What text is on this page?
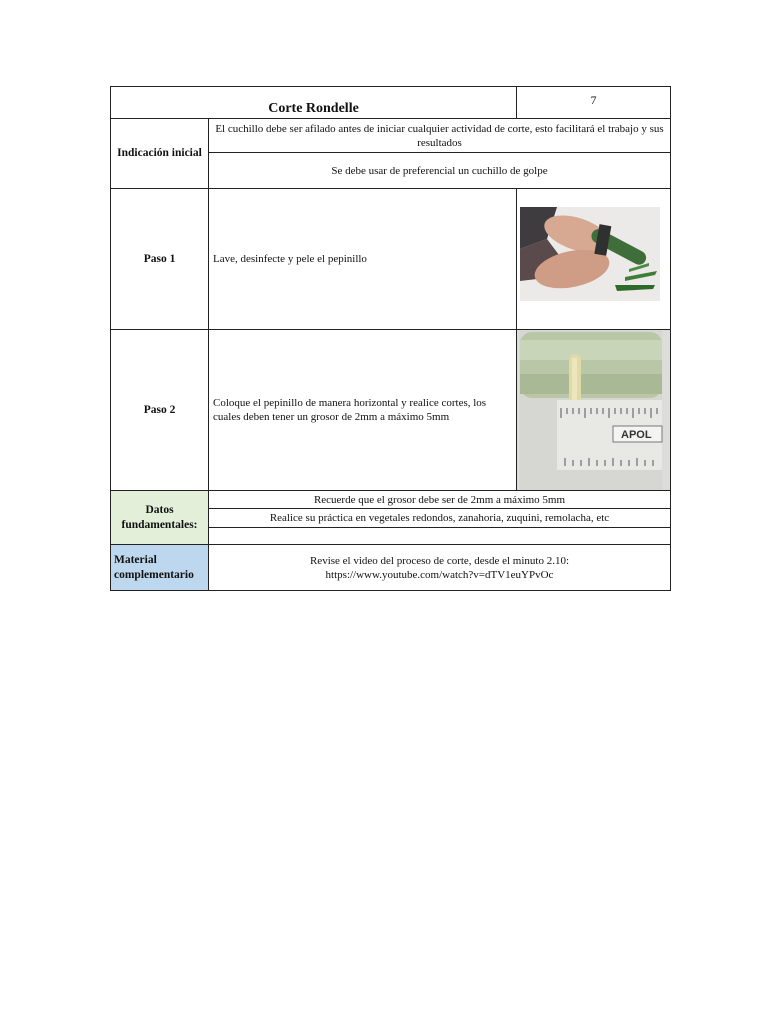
Corte Rondelle		7
Indicación inicial	El cuchillo debe ser afilado antes de iniciar cualquier actividad de corte, esto facilitará el trabajo y sus resultados	
	Se debe usar de preferencial un cuchillo de golpe	
Paso 1	Lave, desinfecte y pele el pepinillo	

Paso 2	Coloque el pepinillo de manera horizontal y realice cortes, los cuales deben tener un grosor de 2mm a máximo 5mm	APOL

Datos fundamentales:	Recuerde que el grosor debe ser de 2mm a máximo 5mm	
	Realice su práctica en vegetales redondos, zanahoria, zuquini, remolacha, etc	

Material complementario	Revise el video del proceso de corte, desde el minuto 2.10:
https://www.youtube.com/watch?v=dTV1euYPvOc	
